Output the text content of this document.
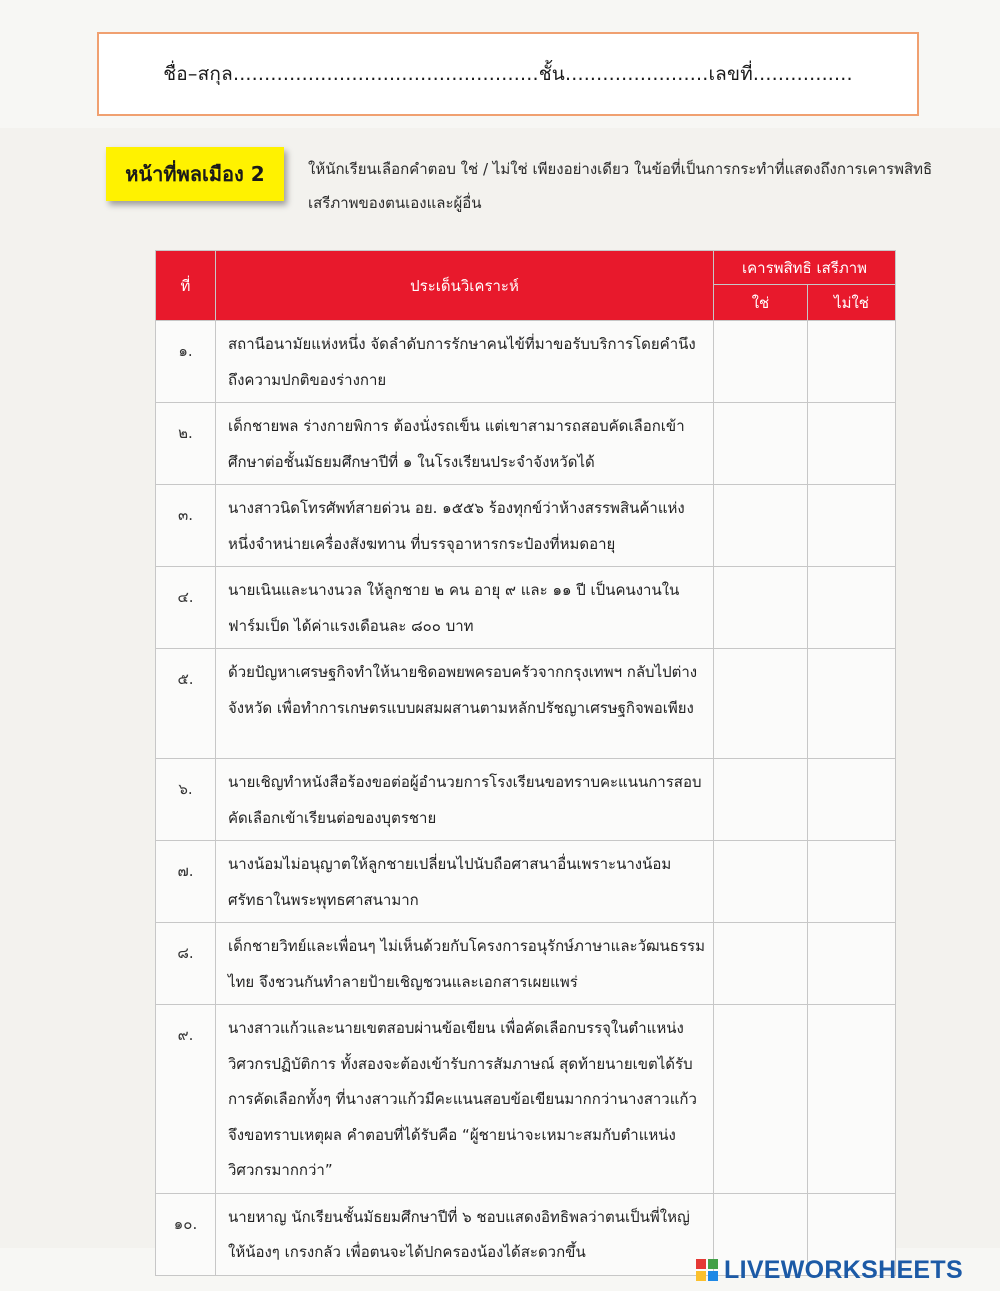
ชื่อ–สกุล.................................................ชั้น.......................เลขที่................
หน้าที่พลเมือง 2	ให้นักเรียนเลือกคำตอบ ใช่ / ไม่ใช่ เพียงอย่างเดียว ในข้อที่เป็นการกระทำที่แสดงถึงการเคารพสิทธิเสรีภาพของตนเองและผู้อื่น
ที่	ประเด็นวิเคราะห์	เคารพสิทธิ เสรีภาพ	
		ใช่	ไม่ใช่
๑.	สถานีอนามัยแห่งหนึ่ง จัดลำดับการรักษาคนไข้ที่มาขอรับบริการโดยคำนึงถึงความปกติของร่างกาย		
๒.	เด็กชายพล ร่างกายพิการ ต้องนั่งรถเข็น แต่เขาสามารถสอบคัดเลือกเข้าศึกษาต่อชั้นมัธยมศึกษาปีที่ ๑ ในโรงเรียนประจำจังหวัดได้		
๓.	นางสาวนิดโทรศัพท์สายด่วน อย. ๑๕๕๖ ร้องทุกข์ว่าห้างสรรพสินค้าแห่งหนึ่งจำหน่ายเครื่องสังฆทาน ที่บรรจุอาหารกระป๋องที่หมดอายุ		
๔.	นายเนินและนางนวล ให้ลูกชาย ๒ คน อายุ ๙ และ ๑๑ ปี เป็นคนงานในฟาร์มเป็ด ได้ค่าแรงเดือนละ ๘๐๐ บาท		
๕.	ด้วยปัญหาเศรษฐกิจทำให้นายชิดอพยพครอบครัวจากกรุงเทพฯ กลับไปต่างจังหวัด เพื่อทำการเกษตรแบบผสมผสานตามหลักปรัชญาเศรษฐกิจพอเพียง		
๖.	นายเชิญทำหนังสือร้องขอต่อผู้อำนวยการโรงเรียนขอทราบคะแนนการสอบคัดเลือกเข้าเรียนต่อของบุตรชาย		
๗.	นางน้อมไม่อนุญาตให้ลูกชายเปลี่ยนไปนับถือศาสนาอื่นเพราะนางน้อมศรัทธาในพระพุทธศาสนามาก		
๘.	เด็กชายวิทย์และเพื่อนๆ ไม่เห็นด้วยกับโครงการอนุรักษ์ภาษาและวัฒนธรรมไทย จึงชวนกันทำลายป้ายเชิญชวนและเอกสารเผยแพร่		
๙.	นางสาวแก้วและนายเขตสอบผ่านข้อเขียน เพื่อคัดเลือกบรรจุในตำแหน่งวิศวกรปฏิบัติการ ทั้งสองจะต้องเข้ารับการสัมภาษณ์ สุดท้ายนายเขตได้รับการคัดเลือกทั้งๆ ที่นางสาวแก้วมีคะแนนสอบข้อเขียนมากกว่านางสาวแก้วจึงขอทราบเหตุผล คำตอบที่ได้รับคือ “ผู้ชายน่าจะเหมาะสมกับตำแหน่งวิศวกรมากกว่า”		
๑๐.	นายหาญ นักเรียนชั้นมัธยมศึกษาปีที่ ๖ ชอบแสดงอิทธิพลว่าตนเป็นพี่ใหญ่ ให้น้องๆ เกรงกลัว เพื่อตนจะได้ปกครองน้องได้สะดวกขึ้น		
LIVEWORKSHEETS
